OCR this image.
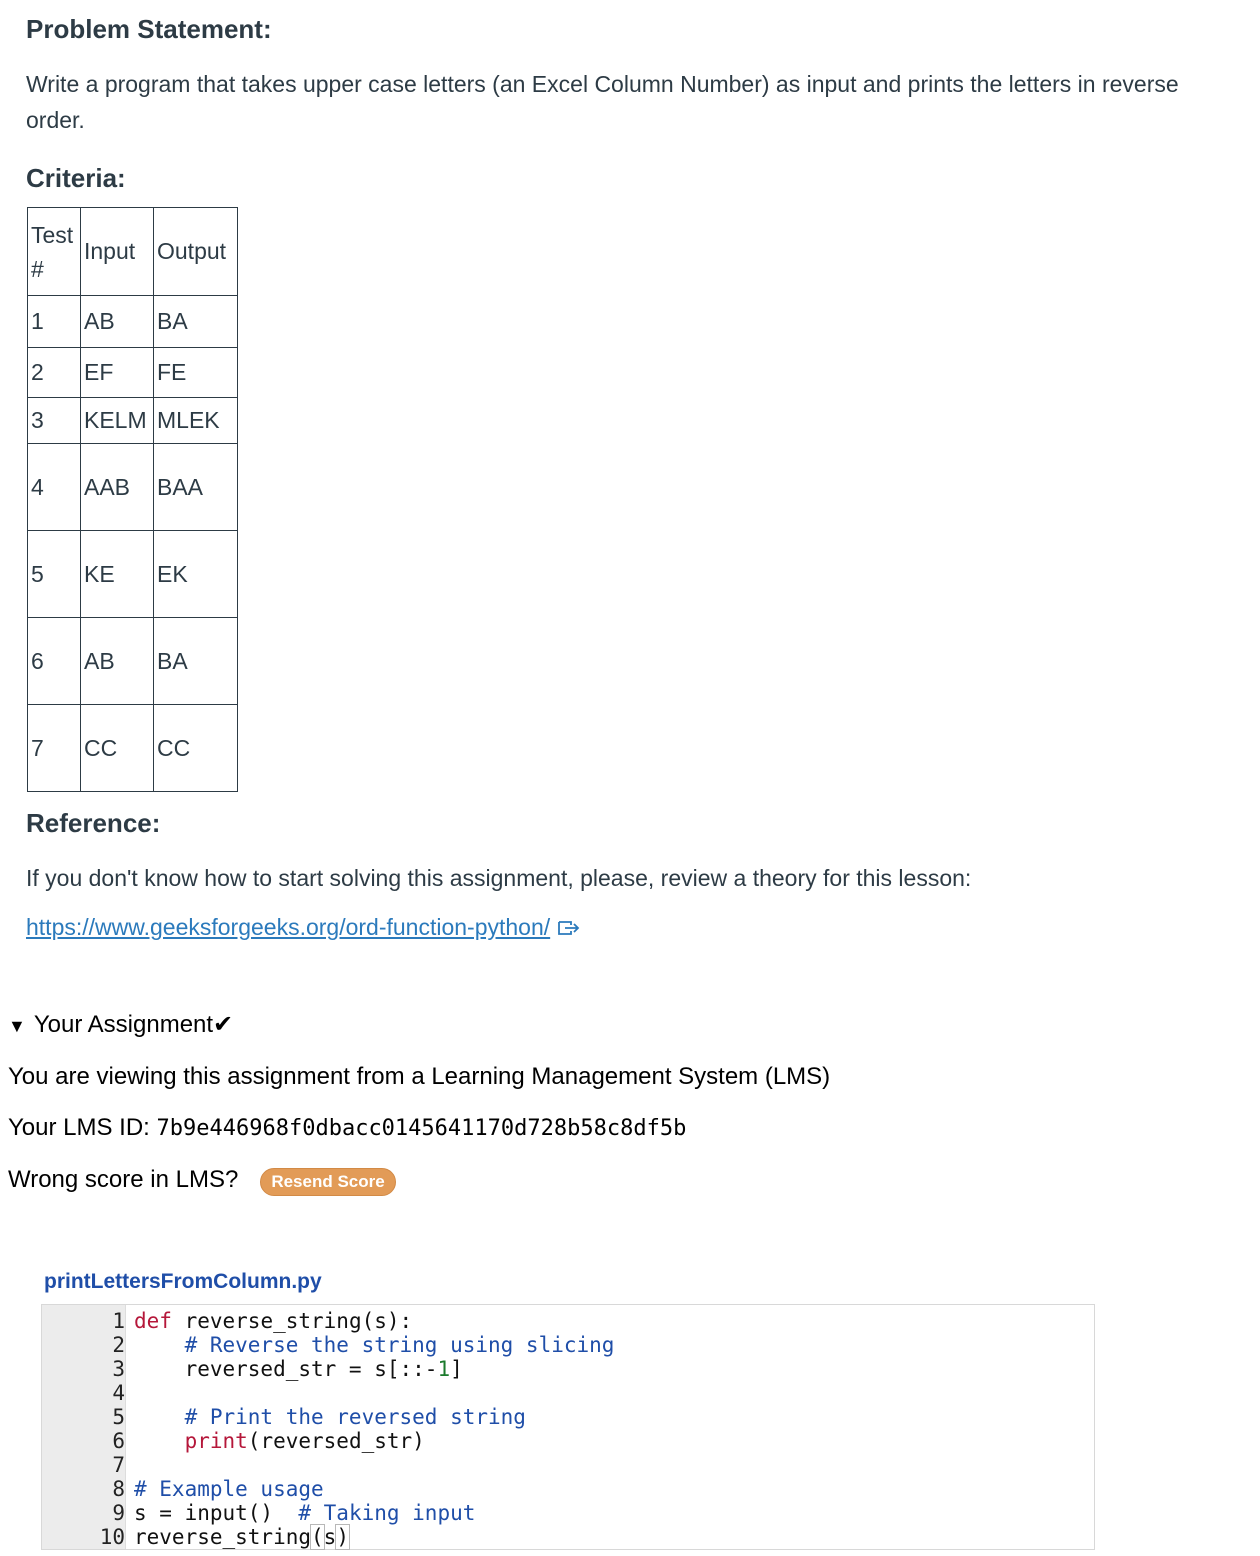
Problem Statement:
Write a program that takes upper case letters (an Excel Column Number) as input and prints the letters in reverse
order.
Criteria:
Test #	Input	Output
1	AB	BA
2	EF	FE
3	KELM	MLEK
4	AAB	BAA
5	KE	EK
6	AB	BA
7	CC	CC
Reference:
If you don't know how to start solving this assignment, please, review a theory for this lesson:
https://www.geeksforgeeks.org/ord-function-python/
▼ Your Assignment✔
You are viewing this assignment from a Learning Management System (LMS)
Your LMS ID: 7b9e446968f0dbacc0145641170d728b58c8df5b
Wrong score in LMS? Resend Score
printLettersFromColumn.py
1
2
3
4
5
6
7
8
9
10
def reverse_string(s):
# Reverse the string using slicing
reversed_str = s[::-1]
# Print the reversed string
print(reversed_str)
# Example usage
s = input()  # Taking input
reverse_string(s)
